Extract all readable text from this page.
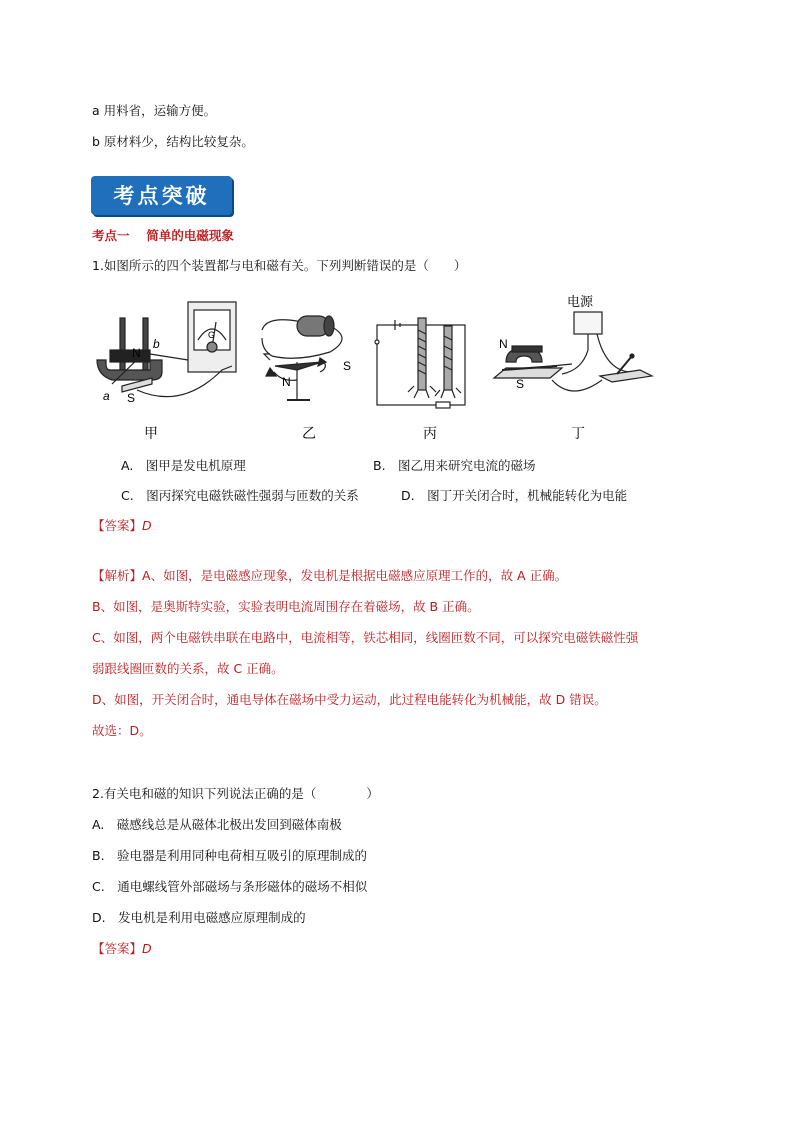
a 用料省，运输方便。
b 原材料少，结构比较复杂。
考点突破
考点一　 简单的电磁现象
1.如图所示的四个装置都与电和磁有关。下列判断错误的是（　　）
N
S
a
b
G
甲
N
S
乙	丙
电源
N
S
丁
A.　图甲是发电机原理	B.　图乙用来研究电流的磁场
C.　图丙探究电磁铁磁性强弱与匝数的关系	D.　图丁开关闭合时，机械能转化为电能
【答案】D
【解析】A、如图，是电磁感应现象，发电机是根据电磁感应原理工作的，故 A 正确。
B、如图，是奥斯特实验，实验表明电流周围存在着磁场，故 B 正确。
C、如图，两个电磁铁串联在电路中，电流相等，铁芯相同，线圈匝数不同，可以探究电磁铁磁性强
弱跟线圈匝数的关系，故 C 正确。
D、如图，开关闭合时，通电导体在磁场中受力运动，此过程电能转化为机械能，故 D 错误。
故选：D。
2.有关电和磁的知识下列说法正确的是（　　　　）
A.　磁感线总是从磁体北极出发回到磁体南极
B.　验电器是利用同种电荷相互吸引的原理制成的
C.　通电螺线管外部磁场与条形磁体的磁场不相似
D.　发电机是利用电磁感应原理制成的
【答案】D
